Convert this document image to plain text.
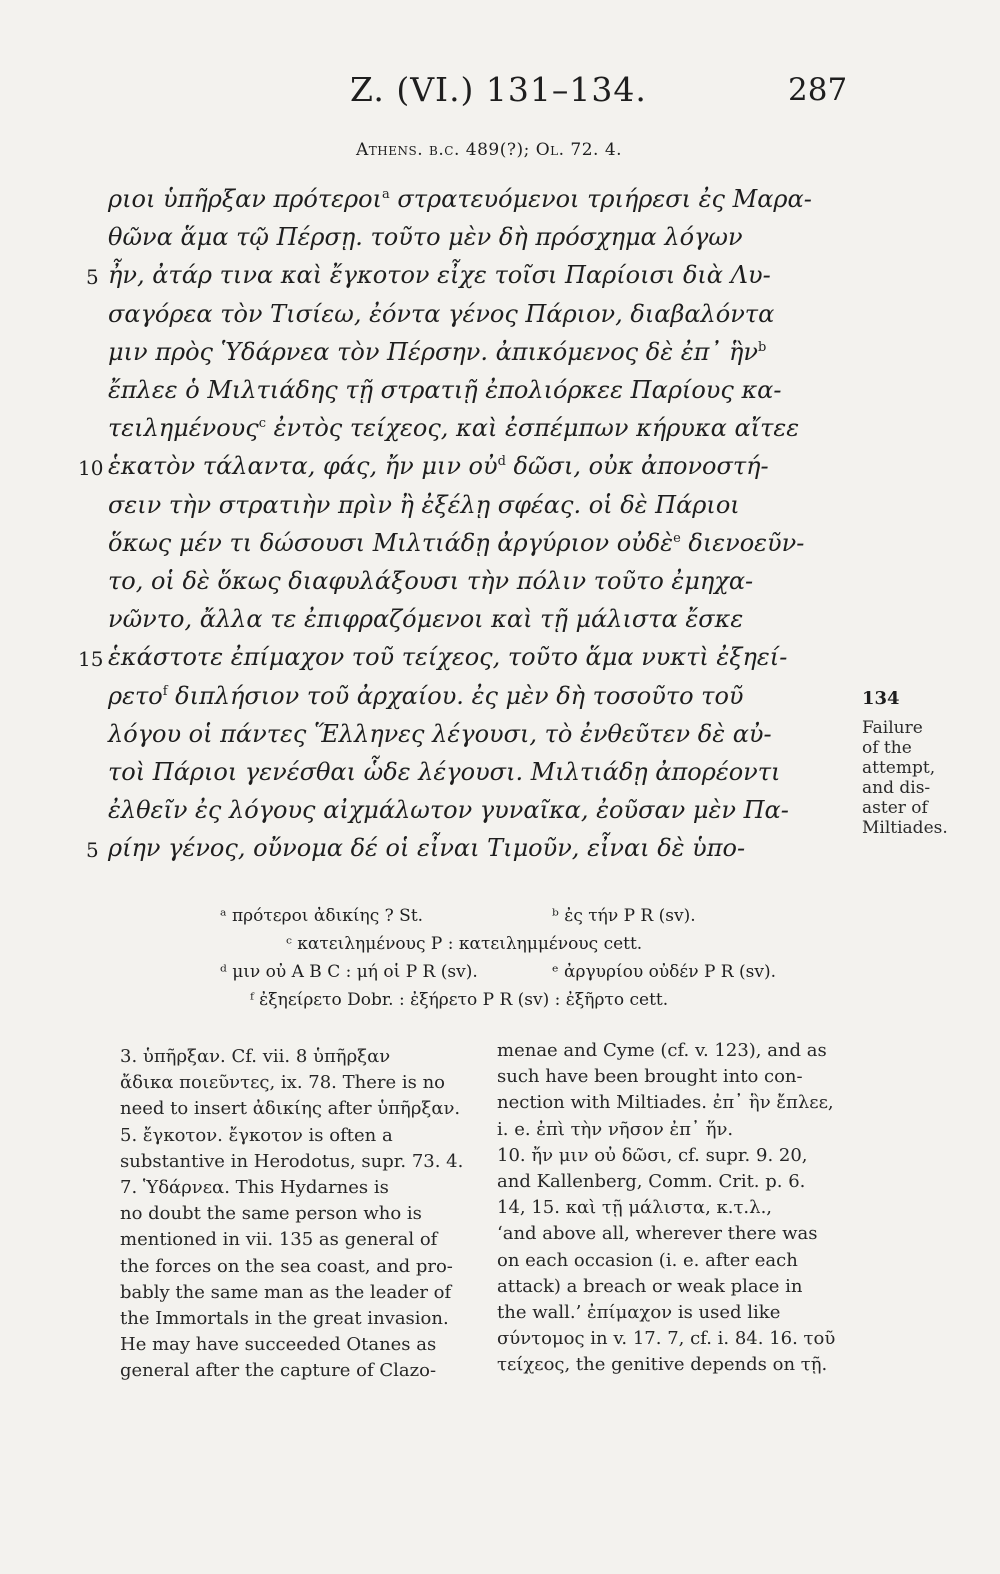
Z. (VI.) 131–134.	287
Athens. b.c. 489(?); Ol. 72. 4.
ριοι ὑπῆρξαν πρότεροι$^a$ στρατευόμενοι τριήρεσι ἐς Μαρα-
θῶνα ἅμα τῷ Πέρσῃ. τοῦτο μὲν δὴ πρόσχημα λόγων
5 ἦν, ἀτάρ τινα καὶ ἔγκοτον εἶχε τοῖσι Παρίοισι διὰ Λυ-
σαγόρεα τὸν Τισίεω, ἐόντα γένος Πάριον, διαβαλόντα
μιν πρὸς Ὑδάρνεα τὸν Πέρσην. ἀπικόμενος δὲ ἐπ᾽ ἣν$^b$
ἔπλεε ὁ Μιλτιάδης τῇ στρατιῇ ἐπολιόρκεε Παρίους κα-
τειλημένους$^c$ ἐντὸς τείχεος, καὶ ἐσπέμπων κήρυκα αἴτεε
10 ἑκατὸν τάλαντα, φάς, ἤν μιν οὐ$^d$ δῶσι, οὐκ ἀπονοστή-
σειν τὴν στρατιὴν πρὶν ἢ ἐξέλῃ σφέας. οἱ δὲ Πάριοι
ὅκως μέν τι δώσουσι Μιλτιάδῃ ἀργύριον οὐδὲ$^e$ διενοεῦν-
το, οἱ δὲ ὅκως διαφυλάξουσι τὴν πόλιν τοῦτο ἐμηχα-
νῶντο, ἄλλα τε ἐπιφραζόμενοι καὶ τῇ μάλιστα ἔσκε
15 ἑκάστοτε ἐπίμαχον τοῦ τείχεος, τοῦτο ἅμα νυκτὶ ἐξηεί-
ρετο$^f$ διπλήσιον τοῦ ἀρχαίου. ἐς μὲν δὴ τοσοῦτο τοῦ
λόγου οἱ πάντες Ἕλληνες λέγουσι, τὸ ἐνθεῦτεν δὲ αὐ-
τοὶ Πάριοι γενέσθαι ὧδε λέγουσι. Μιλτιάδῃ ἀπορέοντι
ἐλθεῖν ἐς λόγους αἰχμάλωτον γυναῖκα, ἐοῦσαν μὲν Πα-
5 ρίην γένος, οὔνομα δέ οἱ εἶναι Τιμοῦν, εἶναι δὲ ὑπο-
134
Failure
of the
attempt,
and dis-
aster of
Miltiades.
ᵃ πρότεροι ἀδικίης ? St.	ᵇ ἐς τήν P R (sv).
ᶜ κατειλημένους P : κατειλημμένους cett.
ᵈ μιν οὐ A B C : μή οἱ P R (sv).	ᵉ ἀργυρίου οὐδέν P R (sv).
ᶠ ἐξηείρετο Dobr. : ἐξήρετο P R (sv) : ἐξῆρτο cett.
3. ὑπῆρξαν. Cf. vii. 8 ὑπῆρξαν
ἄδικα ποιεῦντες, ix. 78. There is no
need to insert ἀδικίης after ὑπῆρξαν.
5. ἔγκοτον. ἔγκοτον is often a
substantive in Herodotus, supr. 73. 4.
7. Ὑδάρνεα. This Hydarnes is
no doubt the same person who is
mentioned in vii. 135 as general of
the forces on the sea coast, and pro-
bably the same man as the leader of
the Immortals in the great invasion.
He may have succeeded Otanes as
general after the capture of Clazo-
menae and Cyme (cf. v. 123), and as
such have been brought into con-
nection with Miltiades. ἐπ᾽ ἣν ἔπλεε,
i. e. ἐπὶ τὴν νῆσον ἐπ᾽ ἥν.
10. ἤν μιν οὐ δῶσι, cf. supr. 9. 20,
and Kallenberg, Comm. Crit. p. 6.
14, 15. καὶ τῇ μάλιστα, κ.τ.λ.,
‘and above all, wherever there was
on each occasion (i. e. after each
attack) a breach or weak place in
the wall.’ ἐπίμαχον is used like
σύντομος in v. 17. 7, cf. i. 84. 16. τοῦ
τείχεος, the genitive depends on τῇ.
